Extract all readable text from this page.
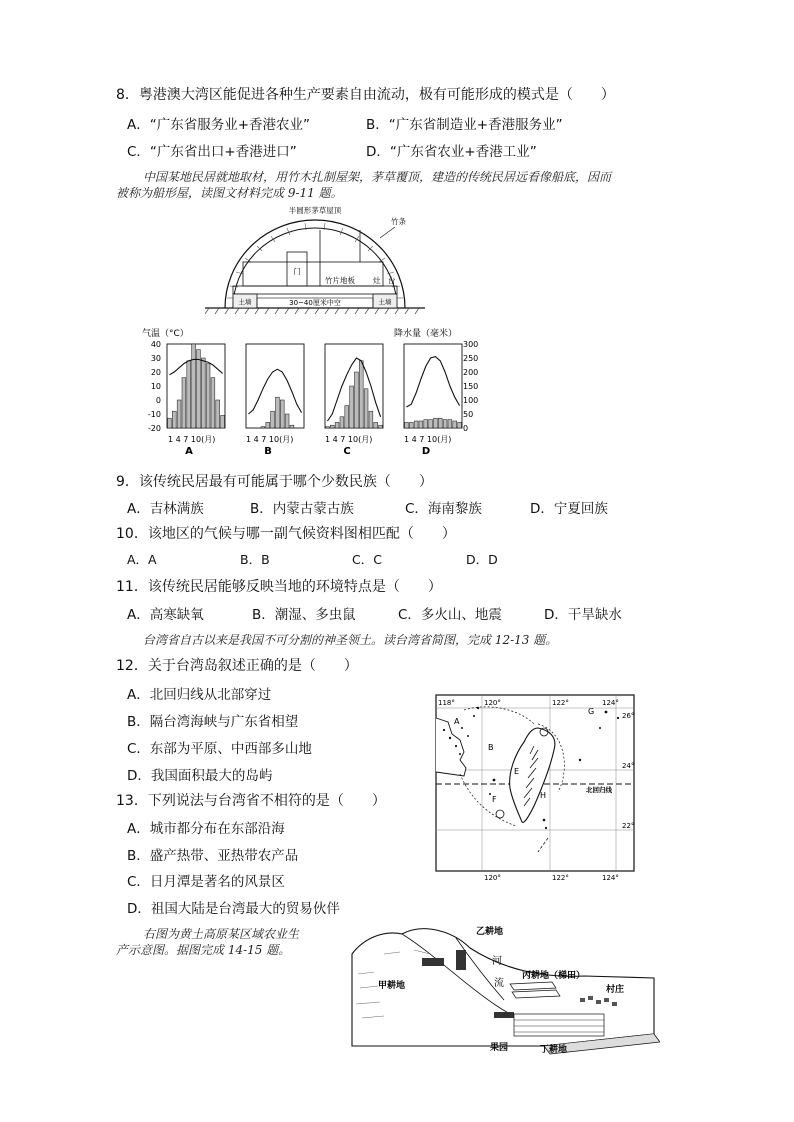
8．粤港澳大湾区能促进各种生产要素自由流动，极有可能形成的模式是（　　）
A．“广东省服务业+香港农业”	B．“广东省制造业+香港服务业”
C．“广东省出口+香港进口”	D．“广东省农业+香港工业”
中国某地民居就地取材，用竹木扎制屋架，茅草覆顶，建造的传统民居远看像船底，因而
被称为船形屋，读图文材料完成 9-11 题。
半圆形茅草屋顶
竹条
门
竹片地板 灶 台
土墙	土墙
30~40厘米中空
气温（°C）	降水量（毫米）
40
30
20
10
0
-10
-20
300
250
200
150
100
50
0
1 4 7 10(月)	1 4 7 10(月)	1 4 7 10(月)	1 4 7 10(月)
A	B	C	D
9．该传统民居最有可能属于哪个少数民族（　　）
A．吉林满族	B．内蒙古蒙古族	C．海南黎族	D．宁夏回族
10．该地区的气候与哪一副气候资料图相匹配（　　）
A．A	B．B	C．C	D．D
11．该传统民居能够反映当地的环境特点是（　　）
A．高寒缺氧	B．潮湿、多虫鼠	C．多火山、地震	D．干旱缺水
台湾省自古以来是我国不可分割的神圣领土。读台湾省简图，完成 12-13 题。
12．关于台湾岛叙述正确的是（　　）
A．北回归线从北部穿过
B．隔台湾海峡与广东省相望
C．东部为平原、中西部多山地
D．我国面积最大的岛屿
13．下列说法与台湾省不相符的是（　　）
A．城市都分布在东部沿海
B．盛产热带、亚热带农产品
C．日月潭是著名的风景区
D．祖国大陆是台湾最大的贸易伙伴
118°	120°	122°	124°
26°
24°
22°
120°	122°	124°
北回归线
A
B
E
F
G
H
右图为黄土高原某区域农业生
产示意图。据图完成 14-15 题。
乙耕地
河
流
甲耕地
丙耕地（梯田）
村庄
果园	丁耕地
